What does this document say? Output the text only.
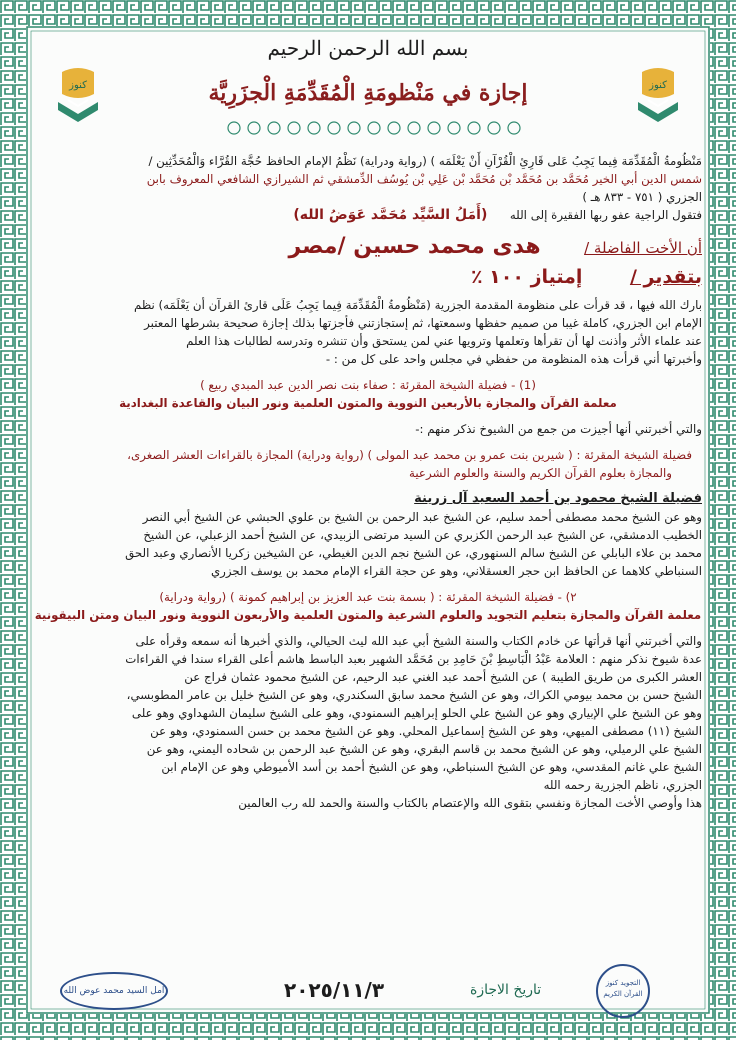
بسم الله الرحمن الرحيم
إجازة في مَنْظومَةِ الْمُقَدِّمَةِ الْجزَرِيَّة
كنوز	كنوز

مَنْظُومةُ الْمُقَدِّمَة فِيما يَجِبُ عَلى قَارِئِ الْقُرْآنِ أَنْ يَعْلَمَه ) (رواية ودراية) نَظْمُ الإمام الحافظ حُجَّة القُرَّاء وَالْمُحَدِّثِين /

شمس الدين أبي الخير مُحَمَّد بن مُحَمَّد بْن مُحَمَّد بْن عَلِي بْن يُوسُف الدِّمشقي ثم الشيرازي الشافعي المعروف بابن

الجزري ( ٧٥١ - ٨٣٣ هـ )

فتقول الراجية عفو ربها الفقيرة إلى الله      (أَمَلُ السَّيِّد مُحَمَّد عَوَضُ الله)

أن الأخت الفاضلة /  هدى محمد حسين /مصر

بتقدير /  إمتياز ١٠٠ ٪

بارك الله فيها ، قد قرأت على منظومة المقدمة الجزرية (مَنْظُومةُ الْمُقَدِّمَة فِيما يَجِبُ عَلَى قارئ القرآن أن يَعْلَمَه) نظم

الإمام ابن الجزري، كاملة غيبا من صميم حفظها وسمعتها، ثم إستجازتني فأجزتها بذلك إجازة صحيحة بشرطها المعتبر

عند علماء الأثر وأذنت لها أن تقرأها وتعلمها وترويها عني لمن يستحق وأن تنشره وتدرسه لطالبات هذا العلم

وأخبرتها أني قرأت هذه المنظومة من حفظي في مجلس واحد على كل من : -

(1) - فضيلة الشيخة المقرئة : صفاء بنت نصر الدين عبد المبدي ربيع )

معلمة القرآن والمجازة بالأربعين النووية والمتون العلمية ونور البيان والقاعدة البغدادية

والتي أخبرتني أنها أجيزت من جمع من الشيوخ نذكر منهم :-

فضيلة الشيخة المقرئة : ( شيرين بنت عمرو بن محمد عبد المولى ) (رواية ودراية) المجازة بالقراءات العشر الصغرى،

والمجازة بعلوم القرآن الكريم والسنة والعلوم الشرعية

فضيلة الشيخ محمود بن أحمد السعيد آل زرينة

وهو عن الشيخ محمد مصطفى أحمد سليم، عن الشيخ عبد الرحمن بن الشيخ بن علوي الحبشي عن الشيخ أبي النصر

الخطيب الدمشقي، عن الشيخ عبد الرحمن الكزبري عن السيد مرتضى الزبيدي، عن الشيخ أحمد الزعبلي، عن الشيخ

محمد بن علاء البابلي عن الشيخ سالم السنهوري، عن الشيخ نجم الدين الغيطي، عن الشيخين زكريا الأنصاري وعبد الحق

السنباطي كلاهما عن الحافظ ابن حجر العسقلاني، وهو عن حجة القراء الإمام محمد بن يوسف الجزري

٢) - فضيلة الشيخة المقرئة : ( بسمة بنت عبد العزيز بن إبراهيم كمونة ) (رواية ودراية)

معلمة القرآن والمجازة بتعليم التجويد والعلوم الشرعية والمتون العلمية والأربعون النووية ونور البيان ومتن البيقونية

والتي أخبرتني أنها قرأتها عن خادم الكتاب والسنة الشيخ أبي عبد الله ليث الحيالي، والذي أخبرها أنه سمعه وقرأه على

عدة شيوخ نذكر منهم : العلامة عَبْدُ الْبَاسِطِ بْنَ حَامِدِ بن مُحَمَّد الشهير بعبد الباسط هاشم أعلى القراء سندا في القراءات

العشر الكبرى من طريق الطيبة ) عن الشيخ أحمد عبد الغني عبد الرحيم، عن الشيخ محمود عثمان فراج عن

الشيخ حسن بن محمد بيومي الكراك، وهو عن الشيخ محمد سابق السكندري، وهو عن الشيخ خليل بن عامر المطوبسي،

وهو عن الشيخ علي الإبياري وهو عن الشيخ علي الحلو إبراهيم السمنودي، وهو على الشيخ سليمان الشهداوي وهو على

الشيخ (١١) مصطفى الميهي، وهو عن الشيخ إسماعيل المحلي. وهو عن الشيخ محمد بن حسن السمنودي، وهو عن

الشيخ علي الرميلي، وهو عن الشيخ محمد بن قاسم البقري، وهو عن الشيخ عبد الرحمن بن شحاده اليمني، وهو عن

الشيخ علي غانم المقدسي، وهو عن الشيخ السنباطي، وهو عن الشيخ أحمد بن أسد الأميوطي وهو عن الإمام ابن

الجزري، ناظم الجزرية رحمه الله

هذا وأوصي الأخت المجازة ونفسي بتقوى الله والإعتصام بالكتاب والسنة والحمد لله رب العالمين

امل السيد محمد عوض الله	٢٠٢٥/١١/٣	تاريخ الاجازة	التجويد كنوز القرآن الكريم
